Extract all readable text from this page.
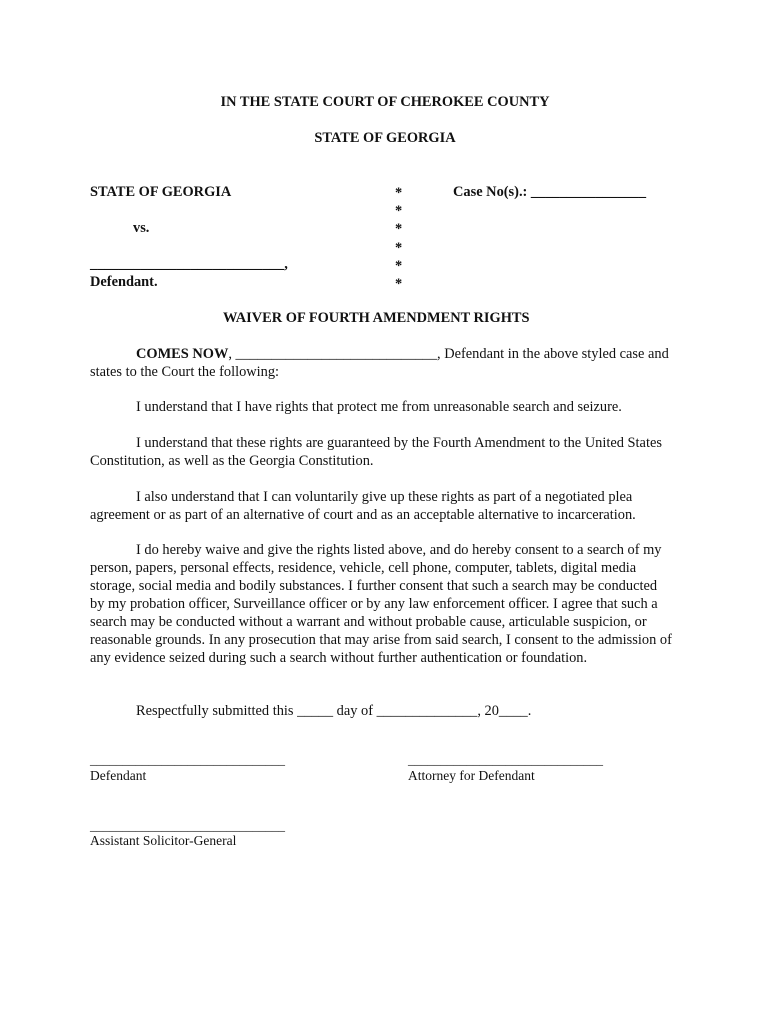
IN THE STATE COURT OF CHEROKEE COUNTY
STATE OF GEORGIA
STATE OF GEORGIA
vs.
___________________________,
Defendant.
*
*
*
*
*
*
Case No(s).: ________________
WAIVER OF FOURTH AMENDMENT RIGHTS
COMES NOW, ____________________________, Defendant in the above styled case and states to the Court the following:
I understand that I have rights that protect me from unreasonable search and seizure.
I understand that these rights are guaranteed by the Fourth Amendment to the United States Constitution, as well as the Georgia Constitution.
I also understand that I can voluntarily give up these rights as part of a negotiated plea agreement or as part of an alternative of court and as an acceptable alternative to incarceration.
I do hereby waive and give the rights listed above, and do hereby consent to a search of my person, papers, personal effects, residence, vehicle, cell phone, computer, tablets, digital media storage, social media and bodily substances. I further consent that such a search may be conducted by my probation officer, Surveillance officer or by any law enforcement officer. I agree that such a search may be conducted without a warrant and without probable cause, articulable suspicion, or reasonable grounds. In any prosecution that may arise from said search, I consent to the admission of any evidence seized during such a search without further authentication or foundation.
Respectfully submitted this _____ day of ______________, 20____.
______________________________
Defendant
______________________________
Attorney for Defendant
______________________________
Assistant Solicitor-General
